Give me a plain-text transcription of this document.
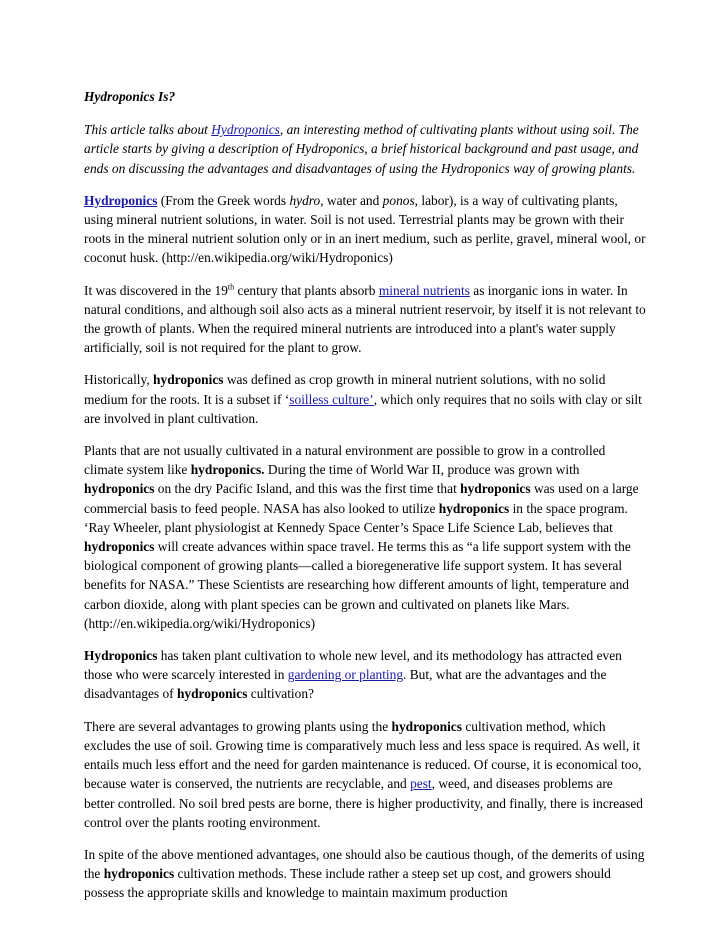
Hydroponics Is?

This article talks about Hydroponics, an interesting method of cultivating plants without using soil. The article starts by giving a description of Hydroponics, a brief historical background and past usage, and ends on discussing the advantages and disadvantages of using the Hydroponics way of growing plants.

Hydroponics (From the Greek words hydro, water and ponos, labor), is a way of cultivating plants, using mineral nutrient solutions, in water. Soil is not used. Terrestrial plants may be grown with their roots in the mineral nutrient solution only or in an inert medium, such as perlite, gravel, mineral wool, or coconut husk. (http://en.wikipedia.org/wiki/Hydroponics)

It was discovered in the 19th century that plants absorb mineral nutrients as inorganic ions in water. In natural conditions, and although soil also acts as a mineral nutrient reservoir, by itself it is not relevant to the growth of plants. When the required mineral nutrients are introduced into a plant's water supply artificially, soil is not required for the plant to grow.

Historically, hydroponics was defined as crop growth in mineral nutrient solutions, with no solid medium for the roots. It is a subset if ‘soilless culture’, which only requires that no soils with clay or silt are involved in plant cultivation.

Plants that are not usually cultivated in a natural environment are possible to grow in a controlled climate system like hydroponics. During the time of World War II, produce was grown with hydroponics on the dry Pacific Island, and this was the first time that hydroponics was used on a large commercial basis to feed people. NASA has also looked to utilize hydroponics in the space program. ‘Ray Wheeler, plant physiologist at Kennedy Space Center’s Space Life Science Lab, believes that hydroponics will create advances within space travel. He terms this as “a life support system with the biological component of growing plants—called a bioregenerative life support system. It has several benefits for NASA.” These Scientists are researching how different amounts of light, temperature and carbon dioxide, along with plant species can be grown and cultivated on planets like Mars. (http://en.wikipedia.org/wiki/Hydroponics)

Hydroponics has taken plant cultivation to whole new level, and its methodology has attracted even those who were scarcely interested in gardening or planting. But, what are the advantages and the disadvantages of hydroponics cultivation?

There are several advantages to growing plants using the hydroponics cultivation method, which excludes the use of soil. Growing time is comparatively much less and less space is required. As well, it entails much less effort and the need for garden maintenance is reduced. Of course, it is economical too, because water is conserved, the nutrients are recyclable, and pest, weed, and diseases problems are better controlled. No soil bred pests are borne, there is higher productivity, and finally, there is increased control over the plants rooting environment.

In spite of the above mentioned advantages, one should also be cautious though, of the demerits of using the hydroponics cultivation methods. These include rather a steep set up cost, and growers should possess the appropriate skills and knowledge to maintain maximum production
